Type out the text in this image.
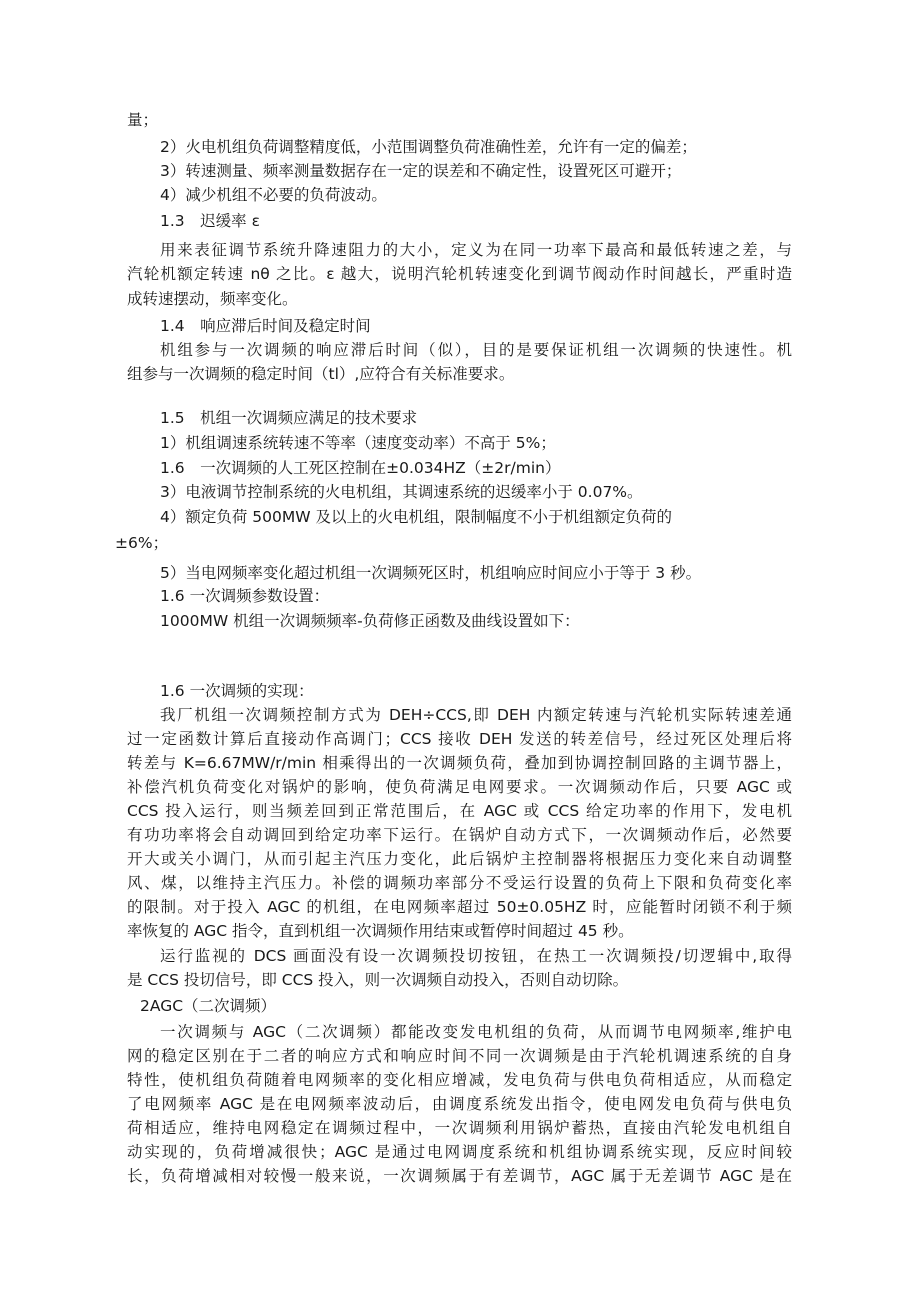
量；
2）火电机组负荷调整精度低，小范围调整负荷准确性差，允许有一定的偏差；
3）转速测量、频率测量数据存在一定的误差和不确定性，设置死区可避开；
4）减少机组不必要的负荷波动。
1.3　迟缓率 ε
用来表征调节系统升降速阻力的大小，定义为在同一功率下最高和最低转速之差，与
汽轮机额定转速 nθ 之比。ε 越大，说明汽轮机转速变化到调节阀动作时间越长，严重时造
成转速摆动，频率变化。
1.4　响应滞后时间及稳定时间
机组参与一次调频的响应滞后时间（似），目的是要保证机组一次调频的快速性。机
组参与一次调频的稳定时间（tl）,应符合有关标准要求。
1.5　机组一次调频应满足的技术要求
1）机组调速系统转速不等率（速度变动率）不高于 5%；
1.6　一次调频的人工死区控制在±0.034HZ（±2r∕min）
3）电液调节控制系统的火电机组，其调速系统的迟缓率小于 0.07%。
4）额定负荷 500MW 及以上的火电机组，限制幅度不小于机组额定负荷的
±6%；
5）当电网频率变化超过机组一次调频死区时，机组响应时间应小于等于 3 秒。
1.6 一次调频参数设置：
1000MW 机组一次调频频率-负荷修正函数及曲线设置如下：
1.6 一次调频的实现：
我厂机组一次调频控制方式为 DEH÷CCS,即 DEH 内额定转速与汽轮机实际转速差通
过一定函数计算后直接动作高调门；CCS 接收 DEH 发送的转差信号，经过死区处理后将
转差与 K=6.67MW∕r∕min 相乘得出的一次调频负荷，叠加到协调控制回路的主调节器上，
补偿汽机负荷变化对锅炉的影响，使负荷满足电网要求。一次调频动作后，只要 AGC 或
CCS 投入运行，则当频差回到正常范围后，在 AGC 或 CCS 给定功率的作用下，发电机
有功功率将会自动调回到给定功率下运行。在锅炉自动方式下，一次调频动作后，必然要
开大或关小调门，从而引起主汽压力变化，此后锅炉主控制器将根据压力变化来自动调整
风、煤，以维持主汽压力。补偿的调频功率部分不受运行设置的负荷上下限和负荷变化率
的限制。对于投入 AGC 的机组，在电网频率超过 50±0.05HZ 时，应能暂时闭锁不利于频
率恢复的 AGC 指令，直到机组一次调频作用结束或暂停时间超过 45 秒。
运行监视的 DCS 画面没有设一次调频投切按钮，在热工一次调频投/切逻辑中,取得
是 CCS 投切信号，即 CCS 投入，则一次调频自动投入，否则自动切除。
2AGC（二次调频）
一次调频与 AGC（二次调频）都能改变发电机组的负荷，从而调节电网频率,维护电
网的稳定区别在于二者的响应方式和响应时间不同一次调频是由于汽轮机调速系统的自身
特性，使机组负荷随着电网频率的变化相应增减，发电负荷与供电负荷相适应，从而稳定
了电网频率 AGC 是在电网频率波动后，由调度系统发出指令，使电网发电负荷与供电负
荷相适应，维持电网稳定在调频过程中，一次调频利用锅炉蓄热，直接由汽轮发电机组自
动实现的，负荷增减很快；AGC 是通过电网调度系统和机组协调系统实现，反应时间较
长，负荷增减相对较慢一般来说，一次调频属于有差调节，AGC 属于无差调节 AGC 是在
